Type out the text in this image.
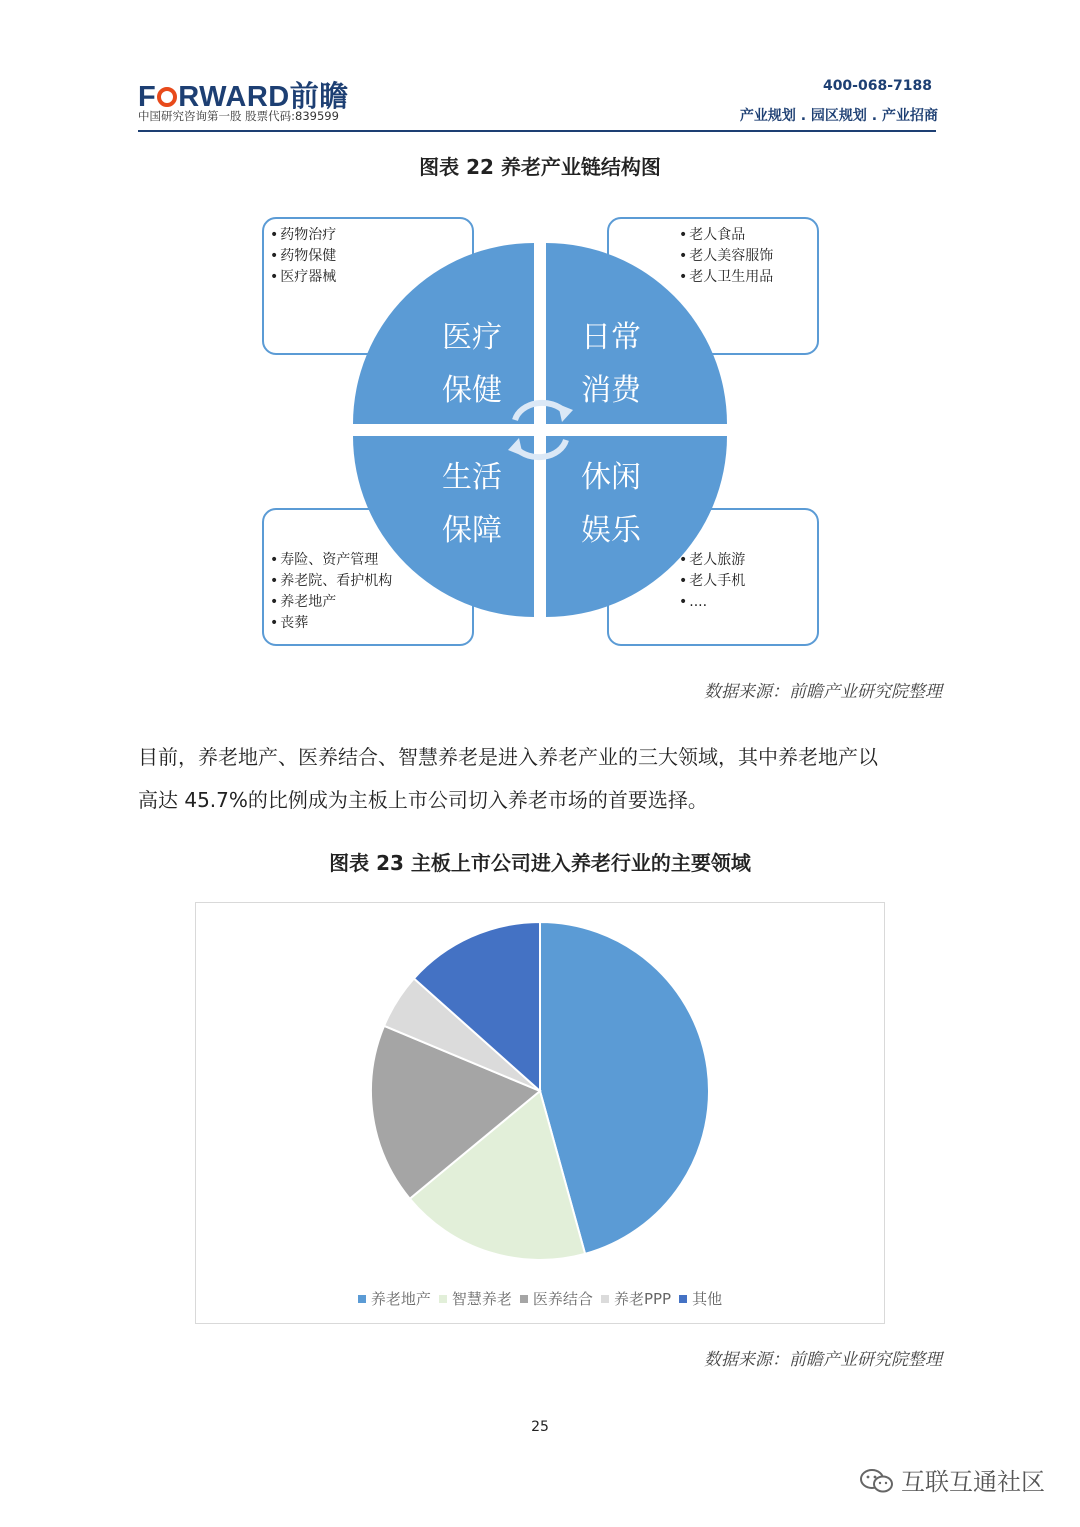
F RWARD前瞻
中国研究咨询第一股 股票代码:839599
400-068-7188
产业规划 . 园区规划 . 产业招商
图表 22 养老产业链结构图
• 药物治疗
• 药物保健
• 医疗器械
• 老人食品
• 老人美容服饰
• 老人卫生用品
• 寿险、资产管理
• 养老院、看护机构
• 养老地产
• 丧葬
• 老人旅游
• 老人手机
• ....
医疗
保健
日常
消费
生活
保障
休闲
娱乐
数据来源：前瞻产业研究院整理
目前，养老地产、医养结合、智慧养老是进入养老产业的三大领域，其中养老地产以
高达 45.7%的比例成为主板上市公司切入养老市场的首要选择。
图表 23 主板上市公司进入养老行业的主要领域
养老地产 智慧养老 医养结合 养老PPP 其他
数据来源：前瞻产业研究院整理
25
互联互通社区
